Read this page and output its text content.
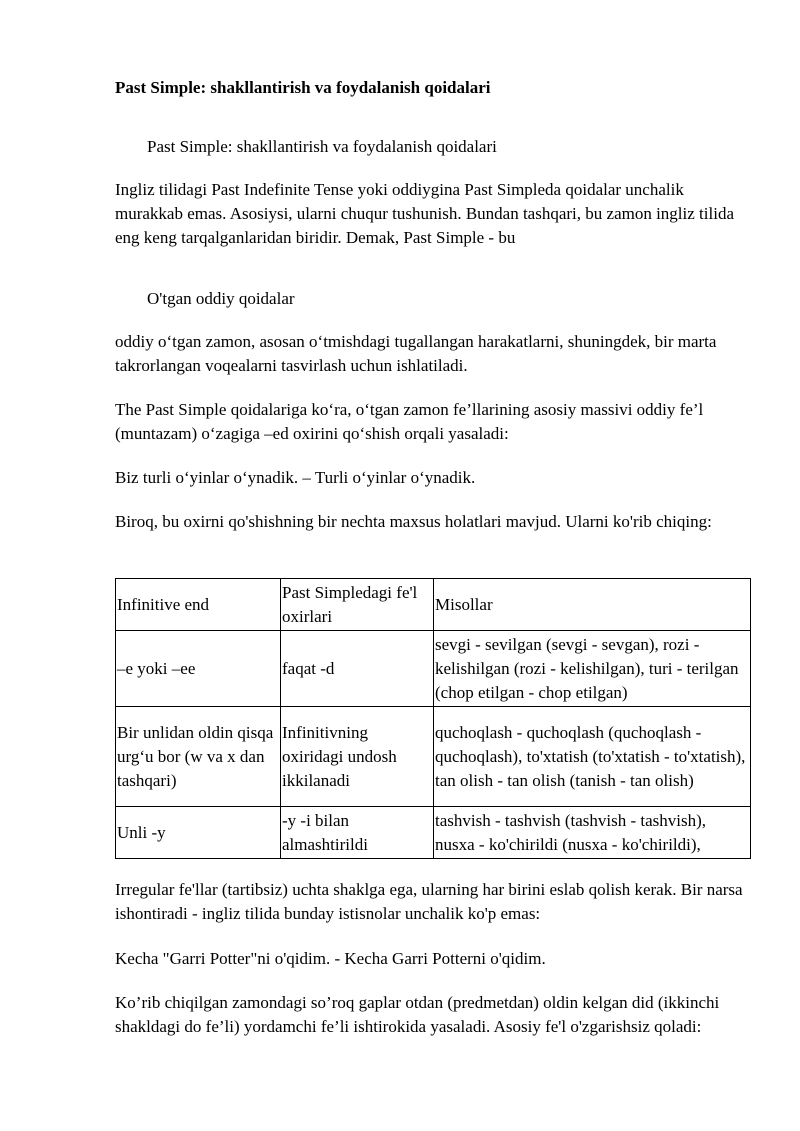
Past Simple: shakllantirish va foydalanish qoidalari
Past Simple: shakllantirish va foydalanish qoidalari
Ingliz tilidagi Past Indefinite Tense yoki oddiygina Past Simpleda qoidalar unchalik murakkab emas. Asosiysi, ularni chuqur tushunish. Bundan tashqari, bu zamon ingliz tilida eng keng tarqalganlaridan biridir. Demak, Past Simple - bu
O'tgan oddiy qoidalar
oddiy o‘tgan zamon, asosan o‘tmishdagi tugallangan harakatlarni, shuningdek, bir marta takrorlangan voqealarni tasvirlash uchun ishlatiladi.
The Past Simple qoidalariga ko‘ra, o‘tgan zamon fe’llarining asosiy massivi oddiy fe’l (muntazam) o‘zagiga –ed oxirini qo‘shish orqali yasaladi:
Biz turli o‘yinlar o‘ynadik. – Turli o‘yinlar o‘ynadik.
Biroq, bu oxirni qo'shishning bir nechta maxsus holatlari mavjud. Ularni ko'rib chiqing:
Infinitive end	Past Simpledagi fe'l oxirlari	Misollar
–e yoki –ee	faqat -d	sevgi - sevilgan (sevgi - sevgan), rozi - kelishilgan (rozi - kelishilgan), turi - terilgan (chop etilgan - chop etilgan)
Bir unlidan oldin qisqa urg‘u bor (w va x dan tashqari)	Infinitivning oxiridagi undosh ikkilanadi	quchoqlash - quchoqlash (quchoqlash - quchoqlash), to'xtatish (to'xtatish - to'xtatish), tan olish - tan olish (tanish - tan olish)
Unli -y	-y -i bilan almashtirildi	tashvish - tashvish (tashvish - tashvish), nusxa - ko'chirildi (nusxa - ko'chirildi),
Irregular fe'llar (tartibsiz) uchta shaklga ega, ularning har birini eslab qolish kerak. Bir narsa ishontiradi - ingliz tilida bunday istisnolar unchalik ko'p emas:
Kecha "Garri Potter"ni o'qidim. - Kecha Garri Potterni o'qidim.
Ko’rib chiqilgan zamondagi so’roq gaplar otdan (predmetdan) oldin kelgan did (ikkinchi shakldagi do fe’li) yordamchi fe’li ishtirokida yasaladi. Asosiy fe'l o'zgarishsiz qoladi:
